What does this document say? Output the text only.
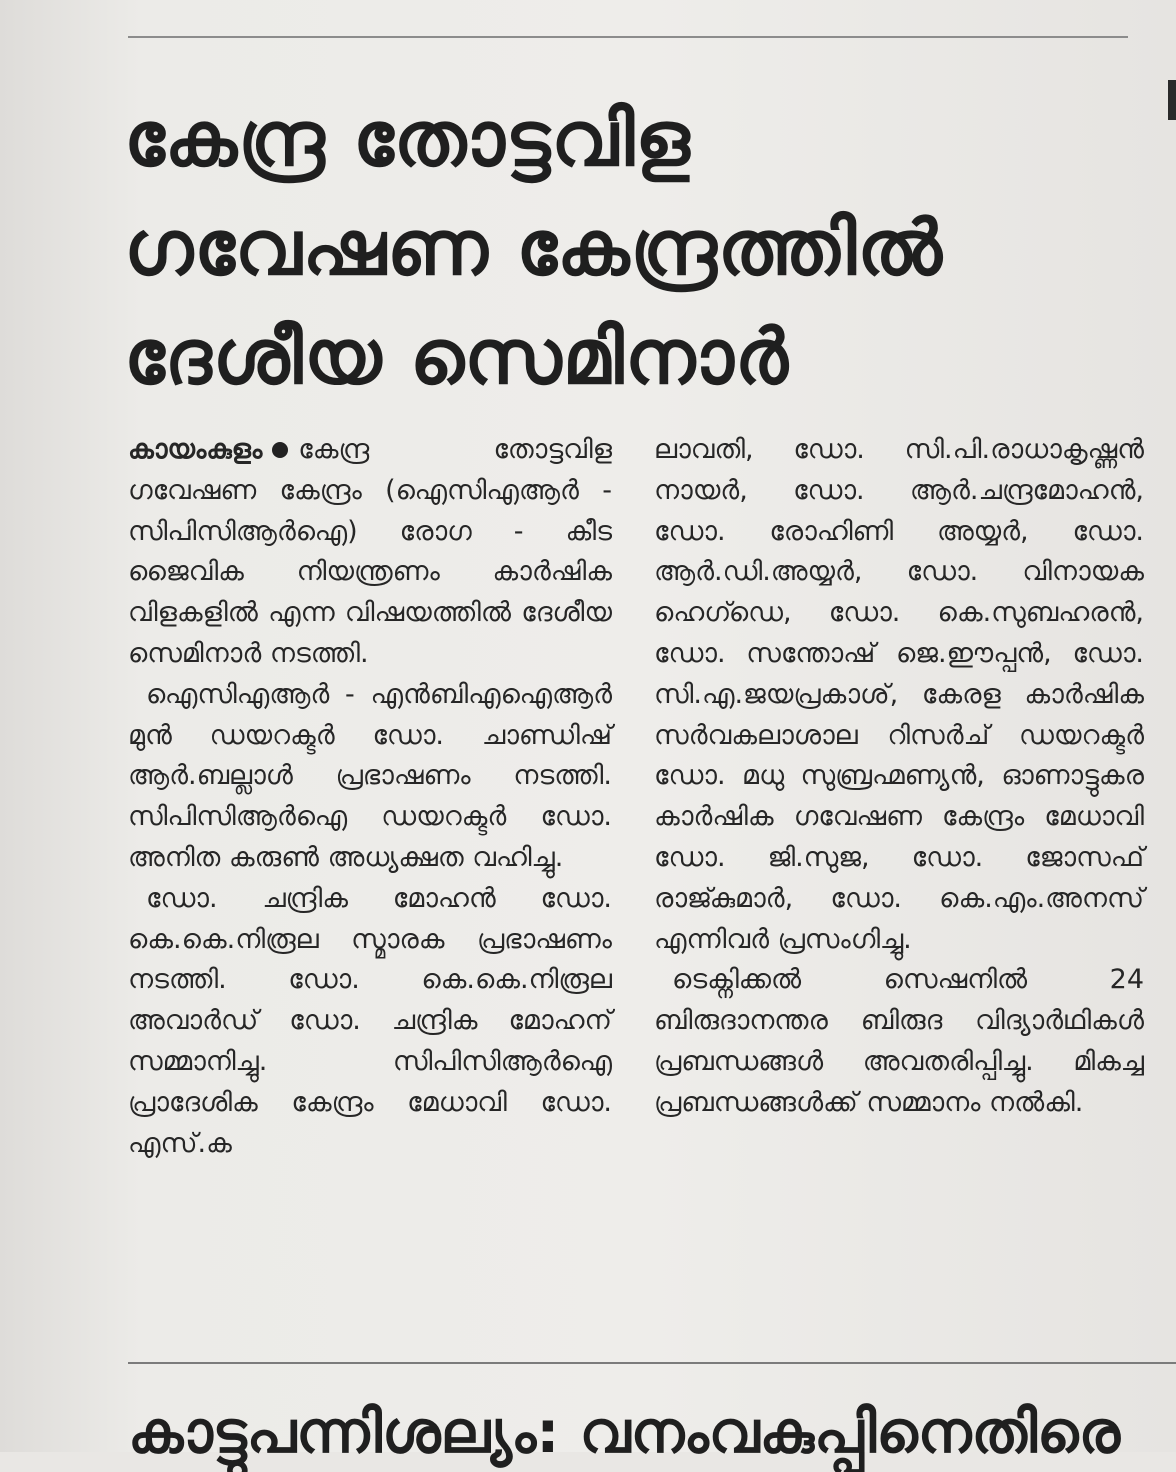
കേന്ദ്ര തോട്ടവിള
ഗവേഷണ കേന്ദ്രത്തിൽ
ദേശീയ സെമിനാർ

കായംകുളം കേന്ദ്ര തോട്ടവിള ഗവേഷണ കേന്ദ്രം (ഐസിഎആർ - സിപിസിആർഐ) രോഗ - കീട ജൈവിക നിയന്ത്രണം കാർഷിക വിളകളിൽ എന്ന വിഷയത്തിൽ ദേശീയ സെമിനാർ നടത്തി.

ഐസിഎആർ - എൻബിഎഐആർ മുൻ ഡയറക്ടർ ഡോ. ചാണ്ഡിഷ് ആർ.ബല്ലാൾ പ്രഭാഷണം നടത്തി. സിപിസിആർഐ ഡയറക്ടർ ഡോ. അനിത കരുൺ അധ്യക്ഷത വഹിച്ചു.

ഡോ. ചന്ദ്രിക മോഹൻ ഡോ. കെ.കെ.നിരൂല സ്മാരക പ്രഭാഷണം നടത്തി. ഡോ. കെ.കെ.നിരൂല അവാർഡ് ഡോ. ചന്ദ്രിക മോഹന് സമ്മാനിച്ചു. സിപിസിആർഐ പ്രാദേശിക കേന്ദ്രം മേധാവി ഡോ. എസ്.ക

ലാവതി, ഡോ. സി.പി.രാധാകൃഷ്ണൻ നായർ, ഡോ. ആർ.ചന്ദ്രമോഹൻ, ഡോ. രോഹിണി അയ്യർ, ഡോ. ആർ.ഡി.അയ്യർ, ഡോ. വിനായക ഹെഗ്ഡെ, ഡോ. കെ.സുബഹരൻ, ഡോ. സന്തോഷ് ജെ.ഈപ്പൻ, ഡോ. സി.എ.ജയപ്രകാശ്, കേരള കാർഷിക സർവകലാശാല റിസർച് ഡയറക്ടർ ഡോ. മധു സുബ്രഹ്മണ്യൻ, ഓണാട്ടുകര കാർഷിക ഗവേഷണ കേന്ദ്രം മേധാവി ഡോ. ജി.സുജ, ഡോ. ജോസഫ് രാജ്കുമാർ, ഡോ. കെ.എം.അനസ് എന്നിവർ പ്രസംഗിച്ചു.

ടെക്നിക്കൽ സെഷനിൽ 24 ബിരുദാനന്തര ബിരുദ വിദ്യാർഥികൾ പ്രബന്ധങ്ങൾ അവതരിപ്പിച്ചു. മികച്ച പ്രബന്ധങ്ങൾക്ക് സമ്മാനം നൽകി.

കാട്ടുപന്നിശല്യം: വനംവകുപ്പിനെതിരെ
